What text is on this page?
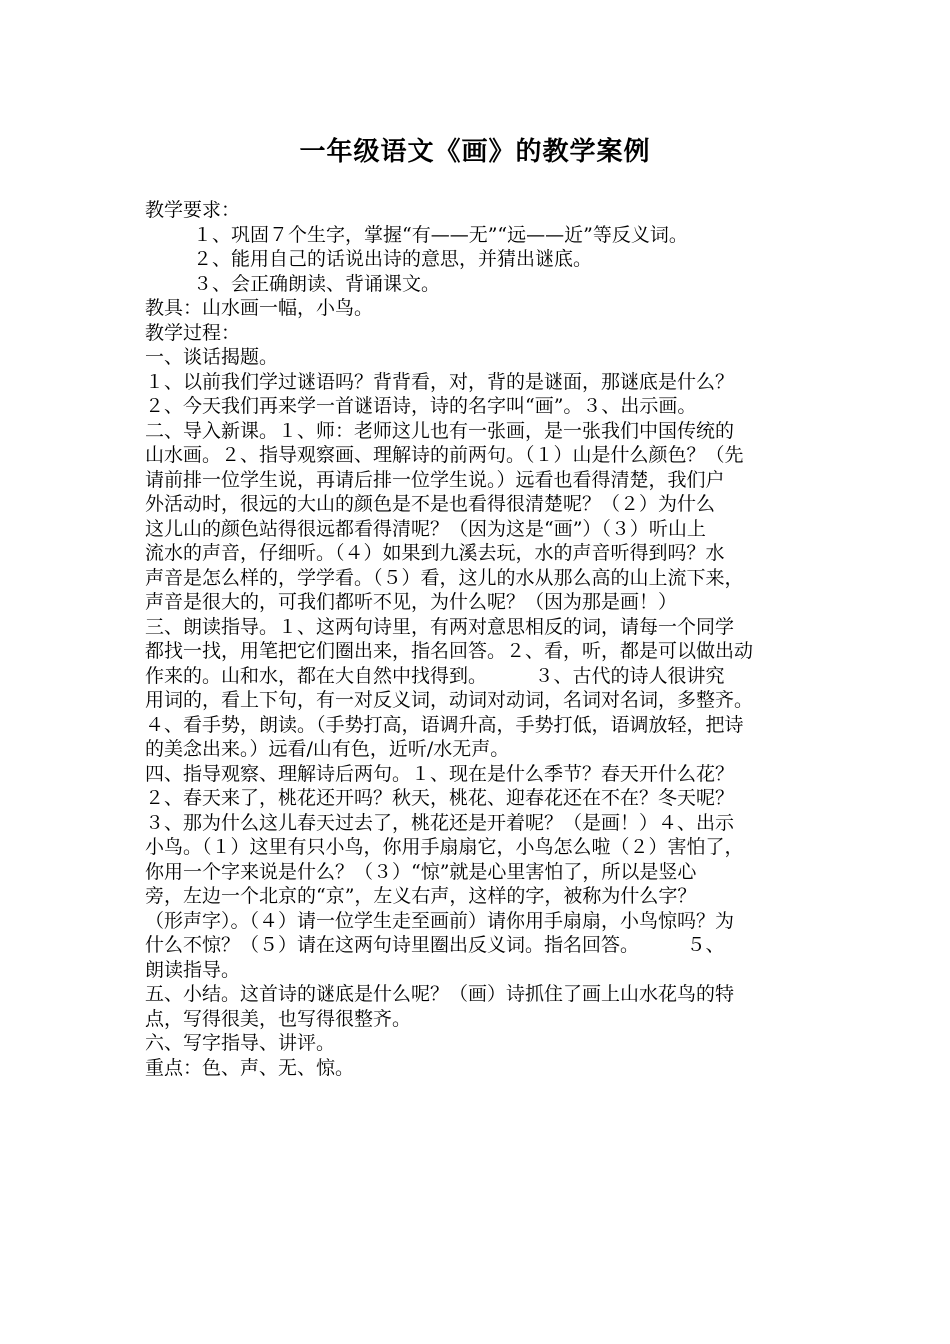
一年级语文《画》的教学案例
教学要求：
１、巩固７个生字，掌握“有——无”“远——近”等反义词。
２、能用自己的话说出诗的意思，并猜出谜底。
３、会正确朗读、背诵课文。
教具：山水画一幅，小鸟。
教学过程：
一、谈话揭题。
１、以前我们学过谜语吗？背背看，对，背的是谜面，那谜底是什么？
２、今天我们再来学一首谜语诗，诗的名字叫“画”。３、出示画。
二、导入新课。１、师：老师这儿也有一张画，是一张我们中国传统的
山水画。２、指导观察画、理解诗的前两句。（１）山是什么颜色？（先
请前排一位学生说，再请后排一位学生说。）远看也看得清楚，我们户
外活动时，很远的大山的颜色是不是也看得很清楚呢？（２）为什么
这儿山的颜色站得很远都看得清呢？（因为这是“画”）（３）听山上
流水的声音，仔细听。（４）如果到九溪去玩，水的声音听得到吗？水
声音是怎么样的，学学看。（５）看，这儿的水从那么高的山上流下来，
声音是很大的，可我们都听不见，为什么呢？（因为那是画！）
三、朗读指导。１、这两句诗里，有两对意思相反的词，请每一个同学
都找一找，用笔把它们圈出来，指名回答。２、看，听，都是可以做出动
作来的。山和水，都在大自然中找得到。　　　３、古代的诗人很讲究
用词的，看上下句，有一对反义词，动词对动词，名词对名词，多整齐。
４、看手势，朗读。（手势打高，语调升高，手势打低，语调放轻，把诗
的美念出来。）远看/山有色，近听/水无声。
四、指导观察、理解诗后两句。１、现在是什么季节？春天开什么花？
２、春天来了，桃花还开吗？秋天，桃花、迎春花还在不在？冬天呢？
３、那为什么这儿春天过去了，桃花还是开着呢？（是画！）４、出示
小鸟。（１）这里有只小鸟，你用手扇扇它，小鸟怎么啦（２）害怕了，
你用一个字来说是什么？（３）“惊”就是心里害怕了，所以是竖心
旁，左边一个北京的“京”，左义右声，这样的字，被称为什么字？
（形声字）。（４）请一位学生走至画前）请你用手扇扇，小鸟惊吗？为
什么不惊？（５）请在这两句诗里圈出反义词。指名回答。　　　５、
朗读指导。
五、小结。这首诗的谜底是什么呢？（画）诗抓住了画上山水花鸟的特
点，写得很美，也写得很整齐。
六、写字指导、讲评。
重点：色、声、无、惊。
